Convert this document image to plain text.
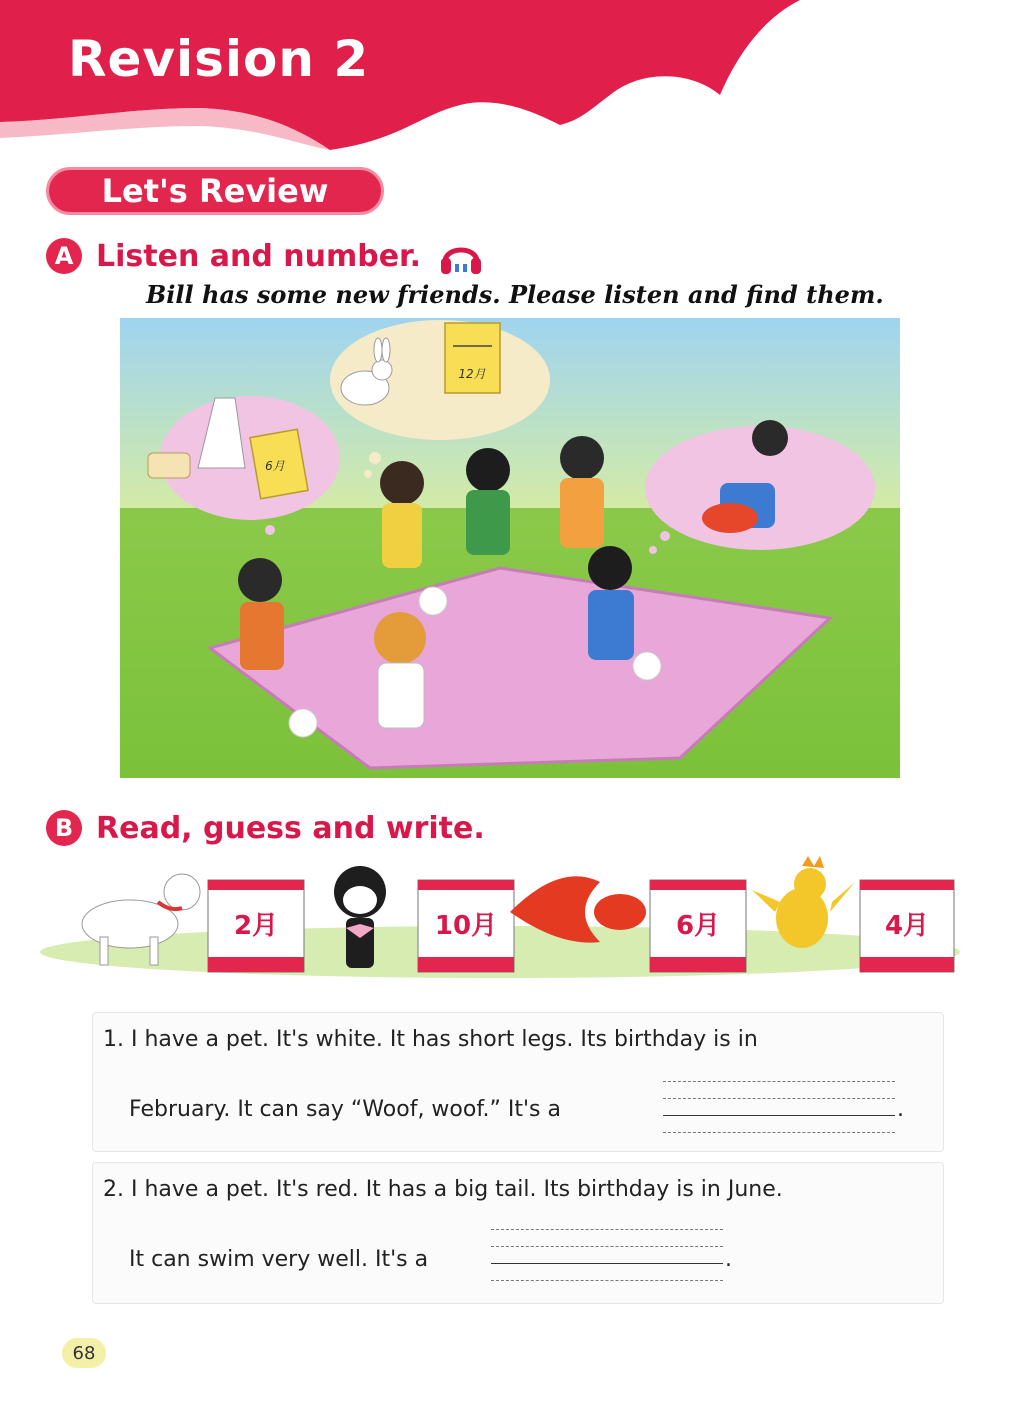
Revision 2
Let's Review
A Listen and number.
Bill has some new friends. Please listen and find them.
12月
6月
B Read, guess and write.
2月	10月	6月	4月
1. I have a pet. It's white. It has short legs. Its birthday is in
February. It can say “Woof, woof.” It's a	.
2. I have a pet. It's red. It has a big tail. Its birthday is in June.
It can swim very well. It's a	.
68
